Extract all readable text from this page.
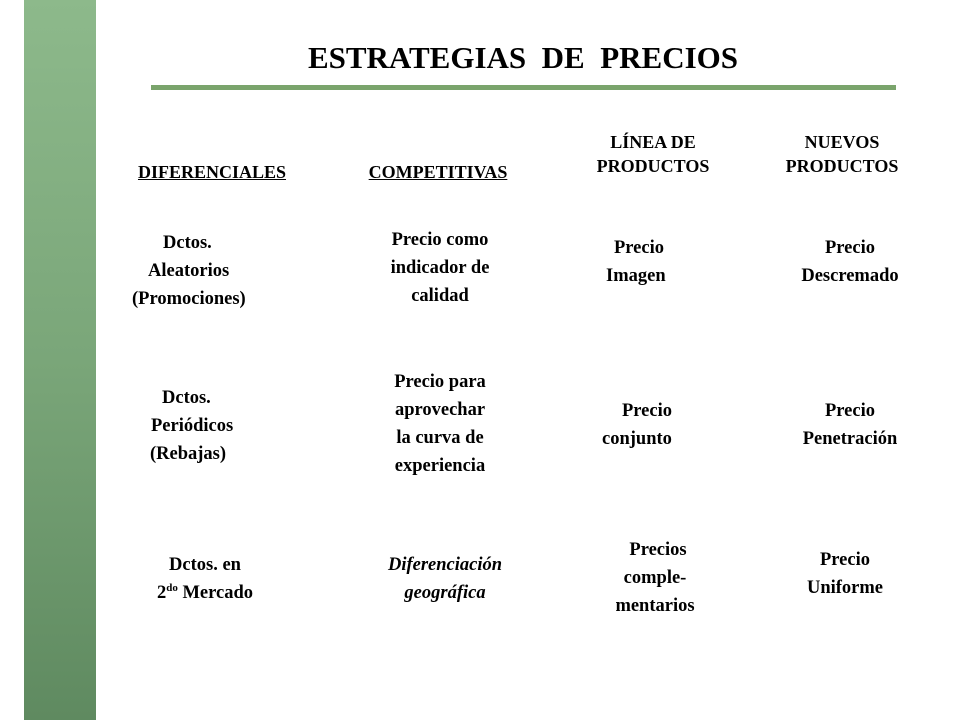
ESTRATEGIAS  DE  PRECIOS
DIFERENCIALES	COMPETITIVAS
LÍNEA DE
PRODUCTOS
NUEVOS
PRODUCTOS
Dctos.
Aleatorios
(Promociones)
Dctos.
Periódicos
(Rebajas)
Dctos. en
$2^{do}$ Mercado
Precio como
indicador de
calidad
Precio para
aprovechar
la curva de
experiencia
Diferenciación
geográfica
Precio
Imagen
Precio
conjunto
Precios
comple-
mentarios
Precio
Descremado
Precio
Penetración
Precio
Uniforme
